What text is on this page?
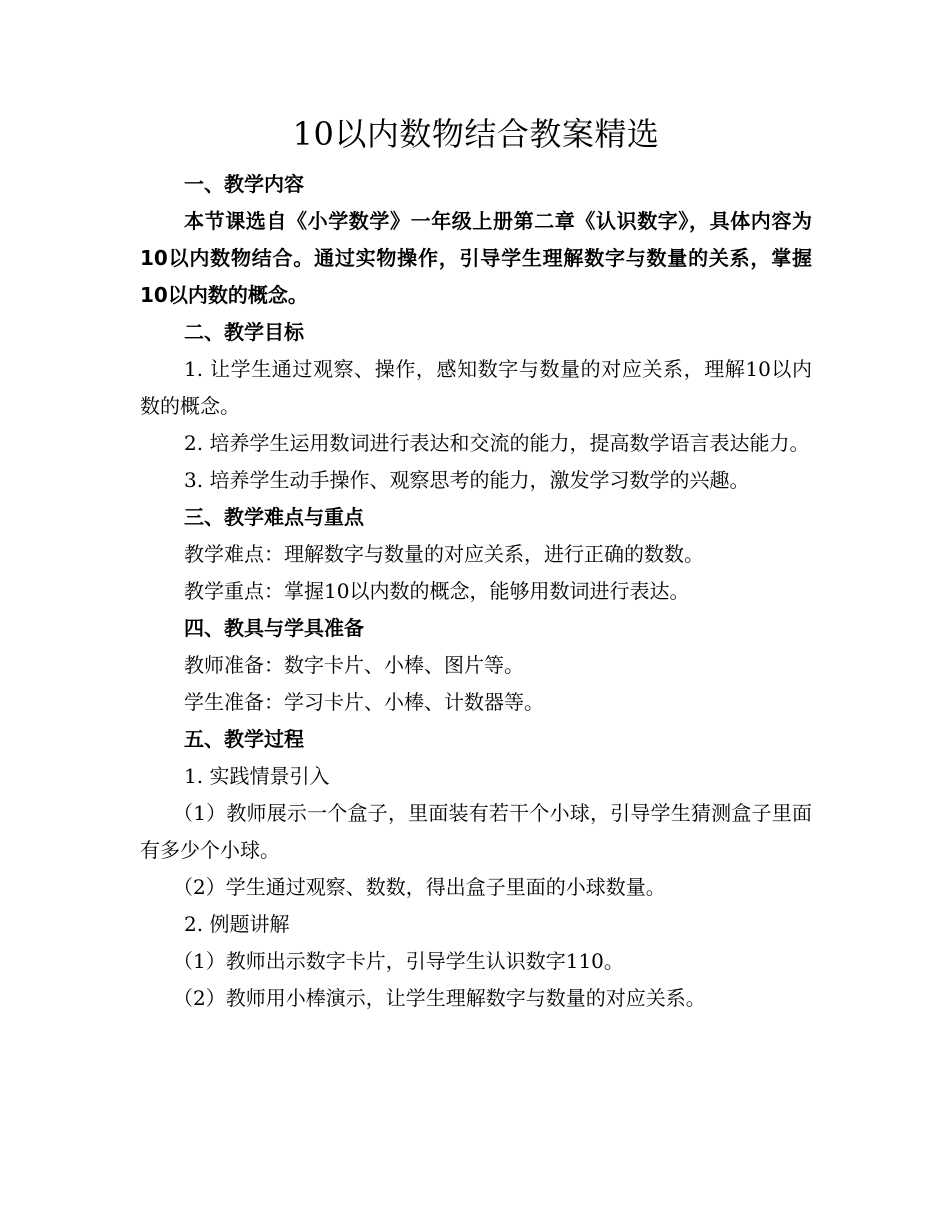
10以内数物结合教案精选

一、教学内容

本节课选自《小学数学》一年级上册第二章《认识数字》，具体内容为10以内数物结合。通过实物操作，引导学生理解数字与数量的关系，掌握10以内数的概念。

二、教学目标

1. 让学生通过观察、操作，感知数字与数量的对应关系，理解10以内数的概念。

2. 培养学生运用数词进行表达和交流的能力，提高数学语言表达能力。

3. 培养学生动手操作、观察思考的能力，激发学习数学的兴趣。

三、教学难点与重点

教学难点：理解数字与数量的对应关系，进行正确的数数。

教学重点：掌握10以内数的概念，能够用数词进行表达。

四、教具与学具准备

教师准备：数字卡片、小棒、图片等。

学生准备：学习卡片、小棒、计数器等。

五、教学过程

1. 实践情景引入

（1）教师展示一个盒子，里面装有若干个小球，引导学生猜测盒子里面有多少个小球。

（2）学生通过观察、数数，得出盒子里面的小球数量。

2. 例题讲解

（1）教师出示数字卡片，引导学生认识数字110。

（2）教师用小棒演示，让学生理解数字与数量的对应关系。
